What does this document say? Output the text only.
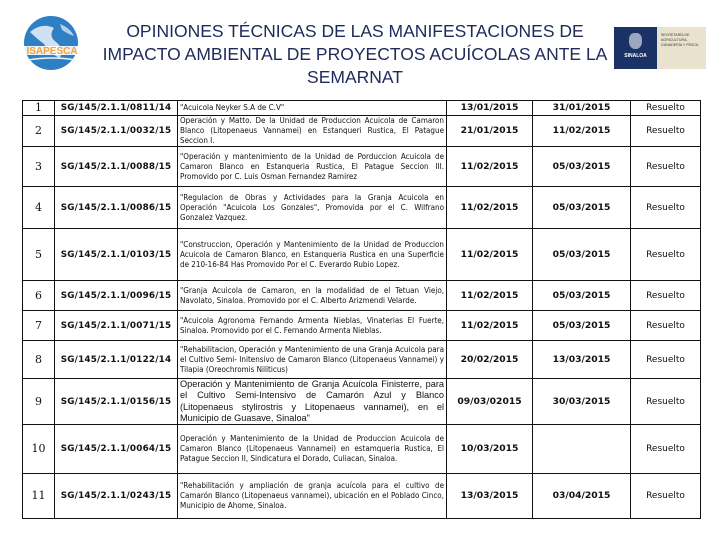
ISAPESCA
OPINIONES TÉCNICAS DE LAS MANIFESTACIONES DE
IMPACTO AMBIENTAL DE PROYECTOS ACUÍCOLAS ANTE LA
SEMARNAT
SINALOA
SECRETARÍA DE AGRICULTURA, GANADERÍA Y PESCA
1	SG/145/2.1.1/0811/14	"Acuicola Neyker S.A de C.V"	13/01/2015	31/01/2015	Resuelto
2	SG/145/2.1.1/0032/15	Operación y Matto. De la Unidad de Produccion Acuicola de Camaron Blanco (Litopenaeus Vannamei) en Estanqueri Rustica, El Patague Seccion I.	21/01/2015	11/02/2015	Resuelto
3	SG/145/2.1.1/0088/15	"Operación y mantenimiento de la Unidad de Porduccion Acuicola de Camaron Blanco en Estanqueria Rustica, El Patague Seccion III. Promovido por C. Luis Osman Fernandez Ramirez	11/02/2015	05/03/2015	Resuelto
4	SG/145/2.1.1/0086/15	"Regulacion de Obras y Actividades para la Granja Acuicola en Operación "Acuicola Los Gonzales", Promovida por el C. Wilfrano Gonzalez Vazquez.	11/02/2015	05/03/2015	Resuelto
5	SG/145/2.1.1/0103/15	"Construccion, Operación y Mantenimiento de la Unidad de Produccion Acuicola de Camaron Blanco, en Estanqueria Rustica en una Superficie de 210-16-84 Has Promovido Por el C. Everardo Rubio Lopez.	11/02/2015	05/03/2015	Resuelto
6	SG/145/2.1.1/0096/15	"Granja Acuicola de Camaron, en la modalidad de el Tetuan Viejo, Navolato, Sinaloa. Promovido por el C. Alberto Arizmendi Velarde.	11/02/2015	05/03/2015	Resuelto
7	SG/145/2.1.1/0071/15	"Acuicola Agronoma Fernando Armenta Nieblas, Vinaterias El Fuerte, Sinaloa. Promovido por el C. Fernando Armenta Nieblas.	11/02/2015	05/03/2015	Resuelto
8	SG/145/2.1.1/0122/14	"Rehabilitacion, Operación y Mantenimiento de una Granja Acuicola para el Cultivo Semi- Initensivo de Camaron Blanco (Litopenaeus Vannamei) y Tilapia (Oreochromis Niliticus)	20/02/2015	13/03/2015	Resuelto
9	SG/145/2.1.1/0156/15	Operación y Mantenimiento de Granja Acuícola Finisterre, para el Cultivo Semi-Intensivo de Camarón Azul y Blanco (Litopenaeus stylirostris y Litopenaeus vannamei), en el Municipio de Guasave, Sinaloa"	09/03/02015	30/03/2015	Resuelto
10	SG/145/2.1.1/0064/15	Operación y Mantenimiento de la Unidad de Produccion Acuicola de Camaron Blanco (Litopenaeus Vannamei) en estamqueria Rustica, El Patague Seccion II, Sindicatura el Dorado, Culiacan, Sinaloa.	10/03/2015		Resuelto
11	SG/145/2.1.1/0243/15	"Rehabilitación y ampliación de granja acuícola para el cultivo de Camarón Blanco (Litopenaeus vannamei), ubicación en el Poblado Cinco, Municipio de Ahome, Sinaloa.	13/03/2015	03/04/2015	Resuelto
